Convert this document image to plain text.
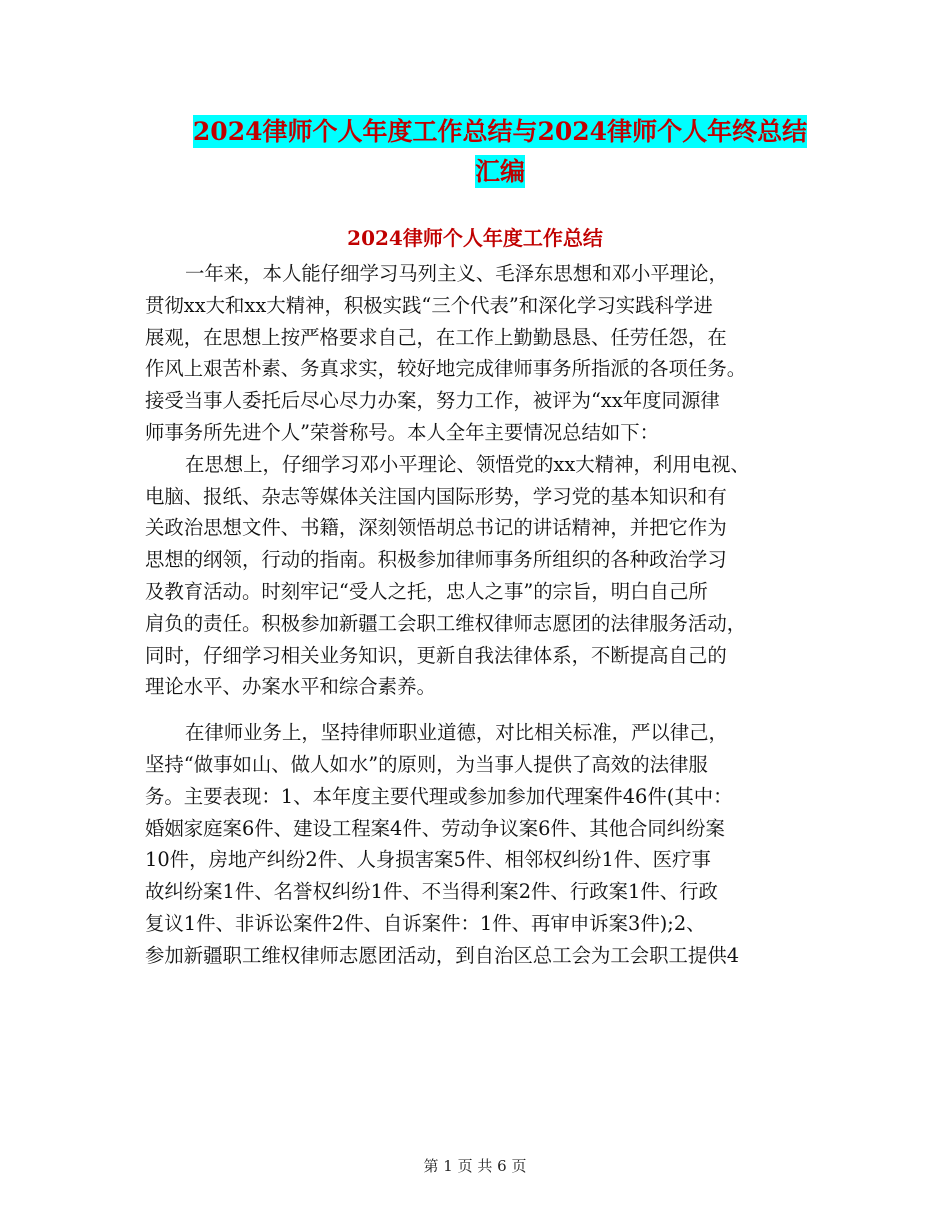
2024律师个人年度工作总结与2024律师个人年终总结
汇编
2024律师个人年度工作总结
一年来，本人能仔细学习马列主义、毛泽东思想和邓小平理论，
贯彻xx大和xx大精神，积极实践“三个代表”和深化学习实践科学进
展观，在思想上按严格要求自己，在工作上勤勤恳恳、任劳任怨，在
作风上艰苦朴素、务真求实，较好地完成律师事务所指派的各项任务。
接受当事人委托后尽心尽力办案，努力工作，被评为“xx年度同源律
师事务所先进个人”荣誉称号。本人全年主要情况总结如下：
在思想上，仔细学习邓小平理论、领悟党的xx大精神，利用电视、
电脑、报纸、杂志等媒体关注国内国际形势，学习党的基本知识和有
关政治思想文件、书籍，深刻领悟胡总书记的讲话精神，并把它作为
思想的纲领，行动的指南。积极参加律师事务所组织的各种政治学习
及教育活动。时刻牢记“受人之托，忠人之事”的宗旨，明白自己所
肩负的责任。积极参加新疆工会职工维权律师志愿团的法律服务活动，
同时，仔细学习相关业务知识，更新自我法律体系，不断提高自己的
理论水平、办案水平和综合素养。
在律师业务上，坚持律师职业道德，对比相关标准，严以律己，
坚持“做事如山、做人如水”的原则，为当事人提供了高效的法律服
务。主要表现：1、本年度主要代理或参加参加代理案件46件(其中：
婚姻家庭案6件、建设工程案4件、劳动争议案6件、其他合同纠纷案
10件，房地产纠纷2件、人身损害案5件、相邻权纠纷1件、医疗事
故纠纷案1件、名誉权纠纷1件、不当得利案2件、行政案1件、行政
复议1件、非诉讼案件2件、自诉案件：1件、再审申诉案3件);2、
参加新疆职工维权律师志愿团活动，到自治区总工会为工会职工提供4
第 1 页 共 6 页
